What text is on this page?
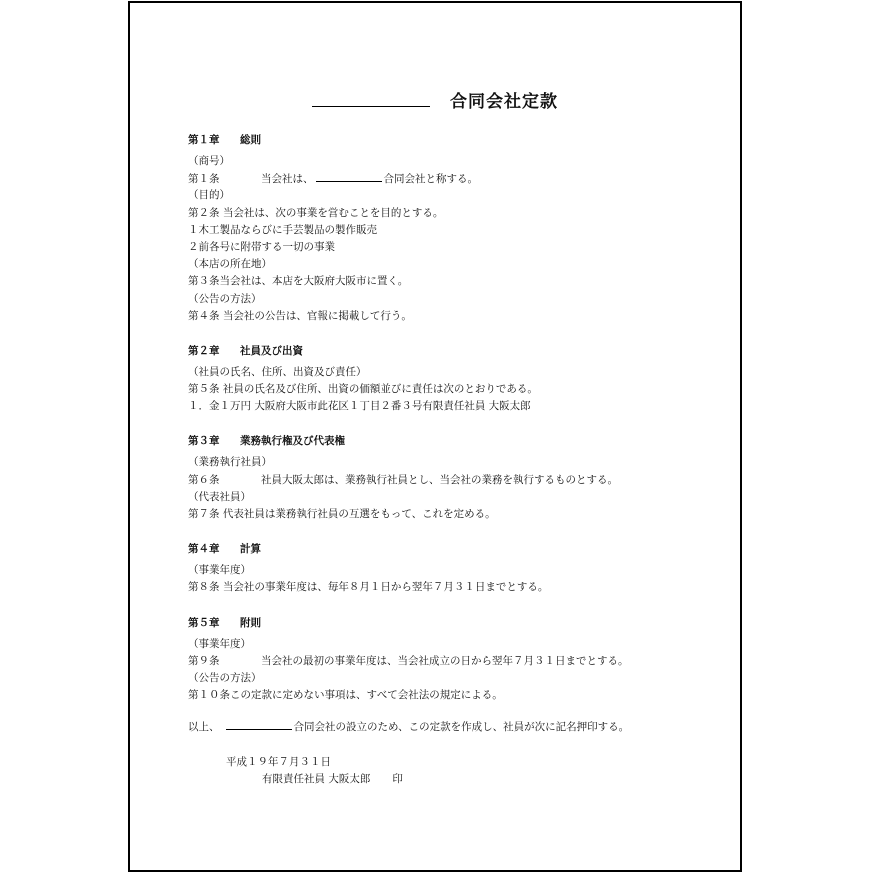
合同会社定款
第１章 総則
（商号）
第１条	当会社は、	合同会社と称する。
（目的）
第２条 当会社は、次の事業を営むことを目的とする。
１木工製品ならびに手芸製品の製作販売
２前各号に附帯する一切の事業
（本店の所在地）
第３条当会社は、本店を大阪府大阪市に置く。
（公告の方法）
第４条 当会社の公告は、官報に掲載して行う。
第２章 社員及び出資
（社員の氏名、住所、出資及び責任）
第５条 社員の氏名及び住所、出資の価額並びに責任は次のとおりである。
１．金１万円 大阪府大阪市此花区１丁目２番３号有限責任社員 大阪太郎
第３章 業務執行権及び代表権
（業務執行社員）
第６条	社員大阪太郎は、業務執行社員とし、当会社の業務を執行するものとする。
（代表社員）
第７条 代表社員は業務執行社員の互選をもって、これを定める。
第４章 計算
（事業年度）
第８条 当会社の事業年度は、毎年８月１日から翌年７月３１日までとする。
第５章 附則
（事業年度）
第９条	当会社の最初の事業年度は、当会社成立の日から翌年７月３１日までとする。
（公告の方法）
第１０条この定款に定めない事項は、すべて会社法の規定による。
以上、	合同会社の設立のため、この定款を作成し、社員が次に記名押印する。
平成１９年７月３１日
有限責任社員 大阪太郎 印
